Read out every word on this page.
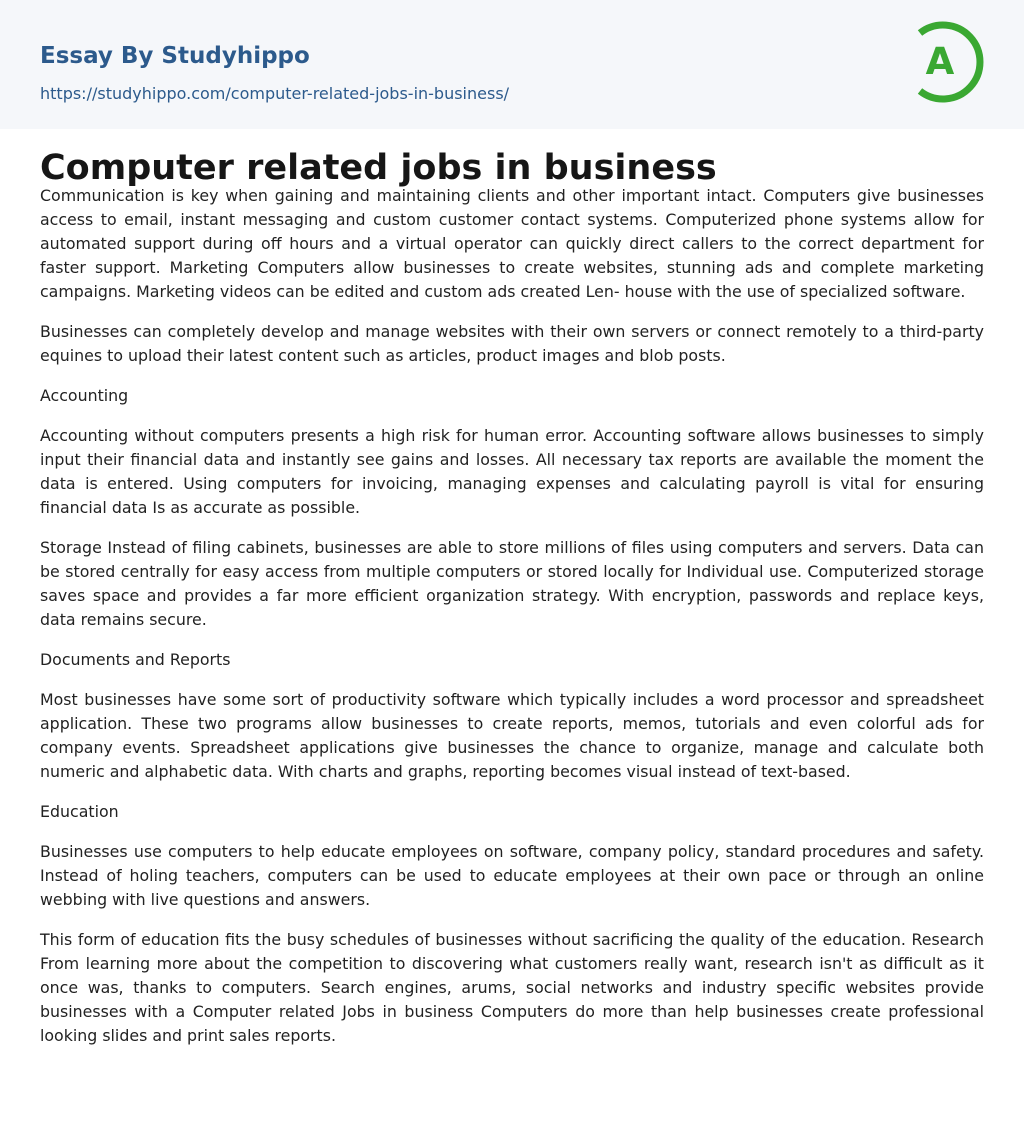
Essay By Studyhippo

https://studyhippo.com/computer-related-jobs-in-business/
A
Computer related jobs in business

Communication is key when gaining and maintaining clients and other important intact. Computers give businesses access to email, instant messaging and custom customer contact systems. Computerized phone systems allow for automated support during off hours and a virtual operator can quickly direct callers to the correct department for faster support. Marketing Computers allow businesses to create websites, stunning ads and complete marketing campaigns. Marketing videos can be edited and custom ads created Len- house with the use of specialized software.

Businesses can completely develop and manage websites with their own servers or connect remotely to a third-party equines to upload their latest content such as articles, product images and blob posts.

Accounting

Accounting without computers presents a high risk for human error. Accounting software allows businesses to simply input their financial data and instantly see gains and losses. All necessary tax reports are available the moment the data is entered. Using computers for invoicing, managing expenses and calculating payroll is vital for ensuring financial data Is as accurate as possible.

Storage Instead of filing cabinets, businesses are able to store millions of files using computers and servers. Data can be stored centrally for easy access from multiple computers or stored locally for Individual use. Computerized storage saves space and provides a far more efficient organization strategy. With encryption, passwords and replace keys, data remains secure.

Documents and Reports

Most businesses have some sort of productivity software which typically includes a word processor and spreadsheet application. These two programs allow businesses to create reports, memos, tutorials and even colorful ads for company events. Spreadsheet applications give businesses the chance to organize, manage and calculate both numeric and alphabetic data. With charts and graphs, reporting becomes visual instead of text-based.

Education

Businesses use computers to help educate employees on software, company policy, standard procedures and safety. Instead of holing teachers, computers can be used to educate employees at their own pace or through an online webbing with live questions and answers.

This form of education fits the busy schedules of businesses without sacrificing the quality of the education. Research From learning more about the competition to discovering what customers really want, research isn't as difficult as it once was, thanks to computers. Search engines, arums, social networks and industry specific websites provide businesses with a Computer related Jobs in business Computers do more than help businesses create professional looking slides and print sales reports.
